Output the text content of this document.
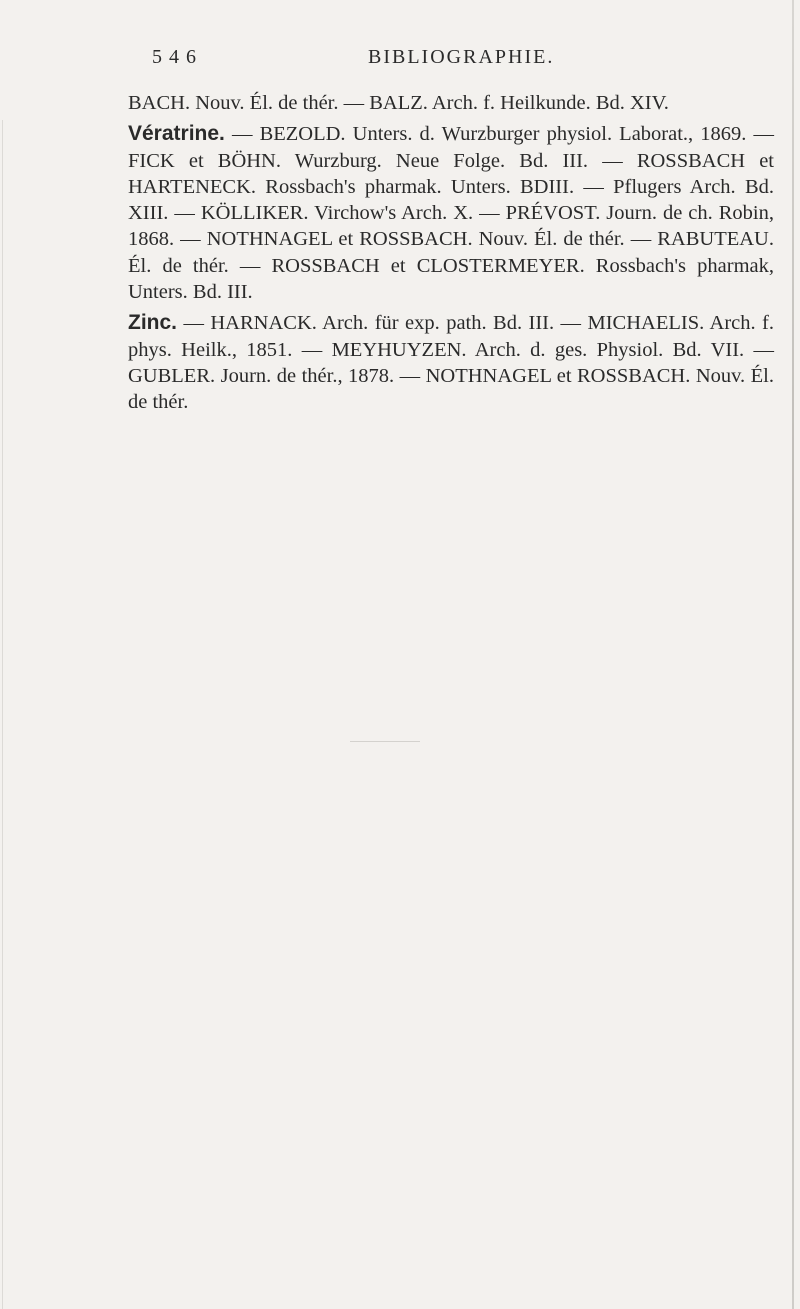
5 4 6	BIBLIOGRAPHIE.

BACH. Nouv. Él. de thér. — BALZ. Arch. f. Heilkunde. Bd. XIV.

Vératrine. — BEZOLD. Unters. d. Wurzburger physiol. Laborat., 1869. — FICK et BÖHN. Wurzburg. Neue Folge. Bd. III. — ROSSBACH et HARTENECK. Rossbach's pharmak. Unters. BDIII. — Pflugers Arch. Bd. XIII. — KÖLLIKER. Virchow's Arch. X. — PRÉVOST. Journ. de ch. Robin, 1868. — NOTHNAGEL et ROSSBACH. Nouv. Él. de thér. — RABUTEAU. Él. de thér. — ROSSBACH et CLOSTERMEYER. Rossbach's pharmak, Unters. Bd. III.

Zinc. — HARNACK. Arch. für exp. path. Bd. III. — MICHAELIS. Arch. f. phys. Heilk., 1851. — MEYHUYZEN. Arch. d. ges. Physiol. Bd. VII. — GUBLER. Journ. de thér., 1878. — NOTHNAGEL et ROSSBACH. Nouv. Él. de thér.
